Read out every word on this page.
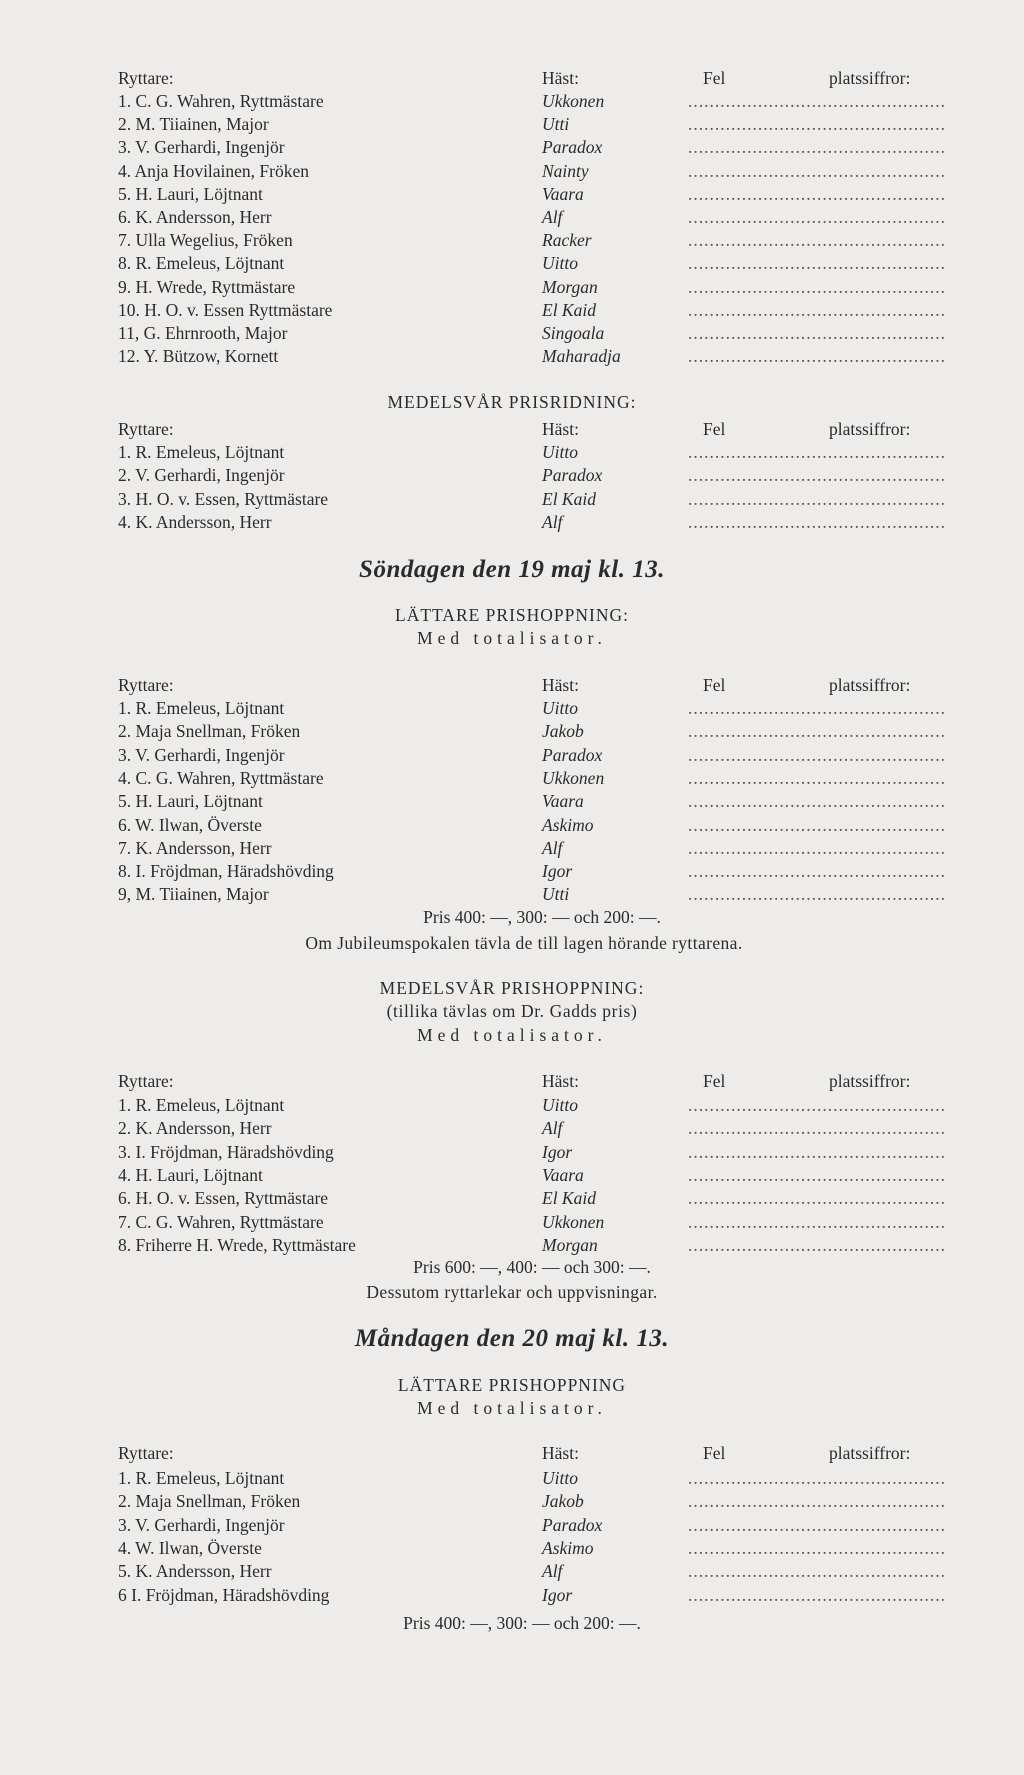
Ryttare:	Häst:	Fel	platssiffror:
1. C. G. Wahren, Ryttmästare	Ukkonen	................................................
2. M. Tiiainen, Major	Utti	................................................
3. V. Gerhardi, Ingenjör	Paradox	................................................
4. Anja Hovilainen, Fröken	Nainty	................................................
5. H. Lauri, Löjtnant	Vaara	................................................
6. K. Andersson, Herr	Alf	................................................
7. Ulla Wegelius, Fröken	Racker	................................................
8. R. Emeleus, Löjtnant	Uitto	................................................
9. H. Wrede, Ryttmästare	Morgan	................................................
10. H. O. v. Essen Ryttmästare	El Kaid	................................................
11, G. Ehrnrooth, Major	Singoala	................................................
12. Y. Bützow, Kornett	Maharadja	................................................
MEDELSVÅR PRISRIDNING:
Ryttare:	Häst:	Fel	platssiffror:
1. R. Emeleus, Löjtnant	Uitto	................................................
2. V. Gerhardi, Ingenjör	Paradox	................................................
3. H. O. v. Essen, Ryttmästare	El Kaid	................................................
4. K. Andersson, Herr	Alf	................................................
Söndagen den 19 maj kl. 13.
LÄTTARE PRISHOPPNING:
Med totalisator.
Ryttare:	Häst:	Fel	platssiffror:
Pris 400: —, 300: — och 200: —.
Om Jubileumspokalen tävla de till lagen hörande ryttarena.
1. R. Emeleus, Löjtnant	Uitto	................................................
2. Maja Snellman, Fröken	Jakob	................................................
3. V. Gerhardi, Ingenjör	Paradox	................................................
4. C. G. Wahren, Ryttmästare	Ukkonen	................................................
5. H. Lauri, Löjtnant	Vaara	................................................
6. W. Ilwan, Överste	Askimo	................................................
7. K. Andersson, Herr	Alf	................................................
8. I. Fröjdman, Häradshövding	Igor	................................................
9, M. Tiiainen, Major	Utti	................................................
MEDELSVÅR PRISHOPPNING:
(tillika tävlas om Dr. Gadds pris)
Med totalisator.
Ryttare:	Häst:	Fel	platssiffror:
Pris 600: —, 400: — och 300: —.
Dessutom ryttarlekar och uppvisningar.
1. R. Emeleus, Löjtnant	Uitto	................................................
2. K. Andersson, Herr	Alf	................................................
3. I. Fröjdman, Häradshövding	Igor	................................................
4. H. Lauri, Löjtnant	Vaara	................................................
6. H. O. v. Essen, Ryttmästare	El Kaid	................................................
7. C. G. Wahren, Ryttmästare	Ukkonen	................................................
8. Friherre H. Wrede, Ryttmästare	Morgan	................................................
Måndagen den 20 maj kl. 13.
LÄTTARE PRISHOPPNING
Med totalisator.
Ryttare:	Häst:	Fel	platssiffror:
Pris 400: —, 300: — och 200: —.
1. R. Emeleus, Löjtnant	Uitto	................................................
2. Maja Snellman, Fröken	Jakob	................................................
3. V. Gerhardi, Ingenjör	Paradox	................................................
4. W. Ilwan, Överste	Askimo	................................................
5. K. Andersson, Herr	Alf	................................................
6 I. Fröjdman, Häradshövding	Igor	................................................
